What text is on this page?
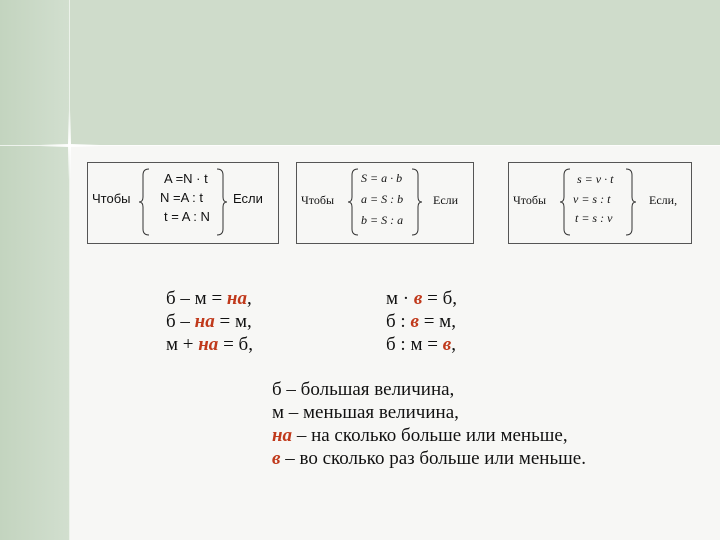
Чтобы
A =N · t
N =A : t
t = A : N
Если	Чтобы
S = a · b
a = S : b
b = S : a
Если	Чтобы
s = v · t
v = s : t
t = s : v
Если,
б – м = на,
б – на = м,
м + на = б,
м · в = б,
б : в = м,
б : м = в,
б – большая величина,
м – меньшая величина,
на – на сколько больше или меньше,
в – во сколько раз больше или меньше.
